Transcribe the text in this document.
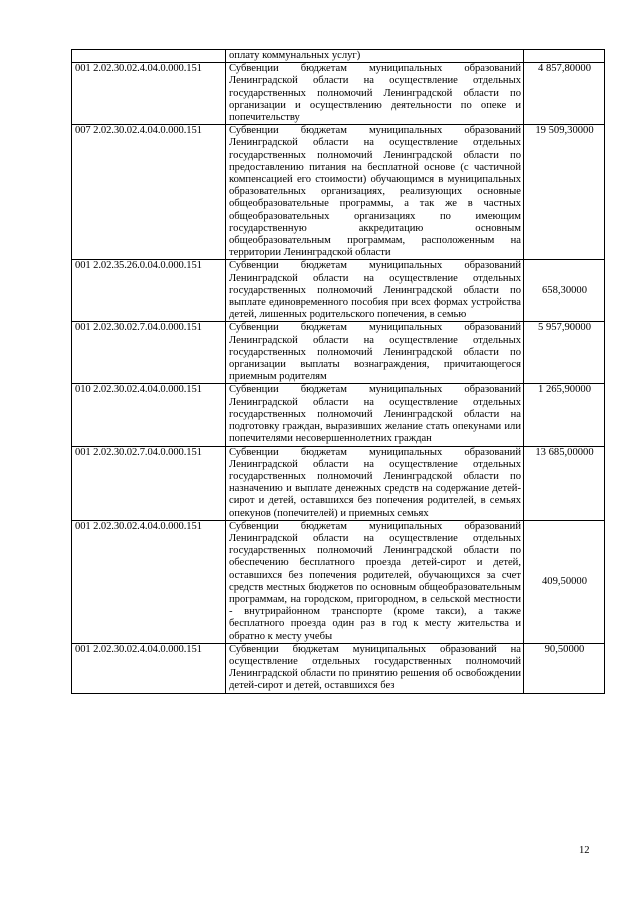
	оплату коммунальных услуг)	
001 2.02.30.02.4.04.0.000.151	Субвенции бюджетам муниципальных образований Ленинградской области на осуществление отдельных государственных полномочий Ленинградской области по организации и осуществлению деятельности по опеке и попечительству	4 857,80000
007 2.02.30.02.4.04.0.000.151	Субвенции бюджетам муниципальных образований Ленинградской области на осуществление отдельных государственных полномочий Ленинградской области по предоставлению питания на бесплатной основе (с частичной компенсацией его стоимости) обучающимся в муниципальных образовательных организациях, реализующих основные общеобразовательные программы, а так же в частных общеобразовательных организациях по имеющим государственную аккредитацию основным общеобразовательным программам, расположенным на территории Ленинградской области	19 509,30000
001 2.02.35.26.0.04.0.000.151	Субвенции бюджетам муниципальных образований Ленинградской области на осуществление отдельных государственных полномочий Ленинградской области по выплате единовременного пособия при всех формах устройства детей, лишенных родительского попечения, в семью	658,30000
001 2.02.30.02.7.04.0.000.151	Субвенции бюджетам муниципальных образований Ленинградской области на осуществление отдельных государственных полномочий Ленинградской области по организации выплаты вознаграждения, причитающегося приемным родителям	5 957,90000
010 2.02.30.02.4.04.0.000.151	Субвенции бюджетам муниципальных образований Ленинградской области на осуществление отдельных государственных полномочий Ленинградской области на подготовку граждан, выразивших желание стать опекунами или попечителями несовершеннолетних граждан	1 265,90000
001 2.02.30.02.7.04.0.000.151	Субвенции бюджетам муниципальных образований Ленинградской области на осуществление отдельных государственных полномочий Ленинградской области по назначению и выплате денежных средств на содержание детей-сирот и детей, оставшихся без попечения родителей, в семьях опекунов (попечителей) и приемных семьях	13 685,00000
001 2.02.30.02.4.04.0.000.151	Субвенции бюджетам муниципальных образований Ленинградской области на осуществление отдельных государственных полномочий Ленинградской области по обеспечению бесплатного проезда детей-сирот и детей, оставшихся без попечения родителей, обучающихся за счет средств местных бюджетов по основным общеобразовательным программам, на городском, пригородном, в сельской местности - внутрирайонном транспорте (кроме такси), а также бесплатного проезда один раз в год к месту жительства и обратно к месту учебы	409,50000
001 2.02.30.02.4.04.0.000.151	Субвенции бюджетам муниципальных образований на осуществление отдельных государственных полномочий Ленинградской области по принятию решения об освобождении детей-сирот и детей, оставшихся без	90,50000
12
